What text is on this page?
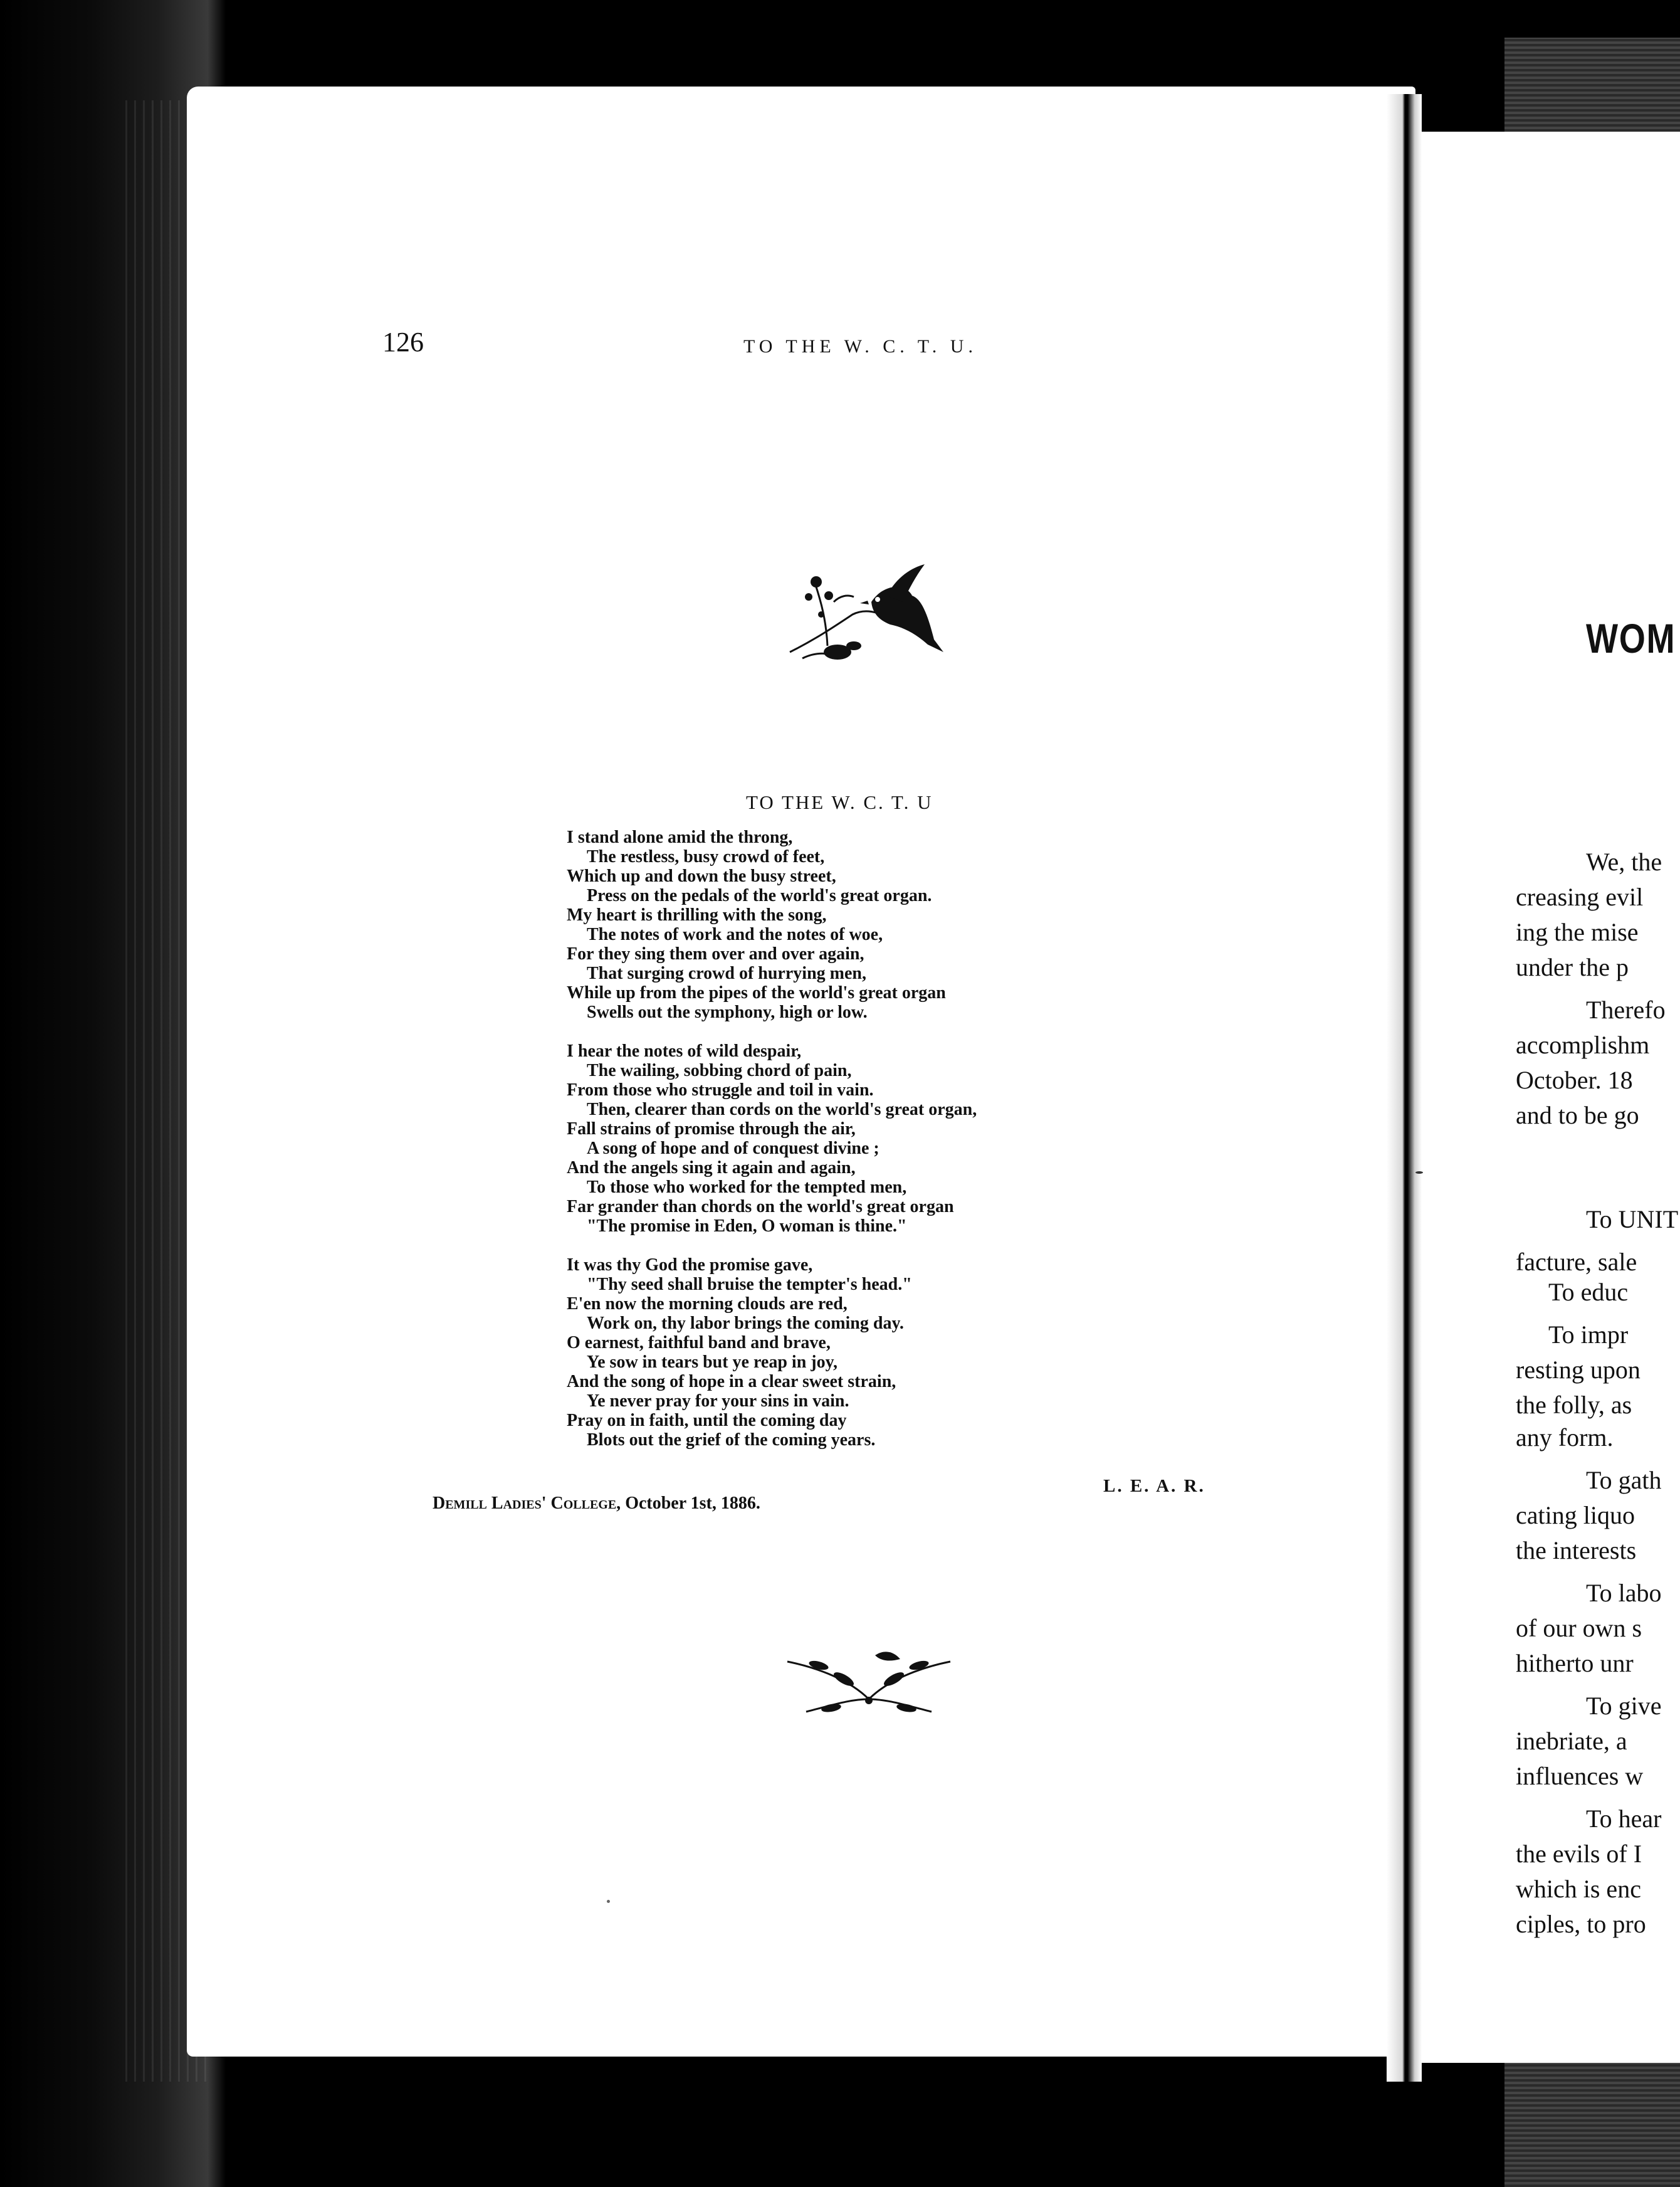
126	TO THE W. C. T. U.
TO THE W. C. T. U
I stand alone amid the throng,
The restless, busy crowd of feet,
Which up and down the busy street,
Press on the pedals of the world's great organ.
My heart is thrilling with the song,
The notes of work and the notes of woe,
For they sing them over and over again,
That surging crowd of hurrying men,
While up from the pipes of the world's great organ
Swells out the symphony, high or low.
I hear the notes of wild despair,
The wailing, sobbing chord of pain,
From those who struggle and toil in vain.
Then, clearer than cords on the world's great organ,
Fall strains of promise through the air,
A song of hope and of conquest divine ;
And the angels sing it again and again,
To those who worked for the tempted men,
Far grander than chords on the world's great organ
"The promise in Eden, O woman is thine."
It was thy God the promise gave,
"Thy seed shall bruise the tempter's head."
E'en now the morning clouds are red,
Work on, thy labor brings the coming day.
O earnest, faithful band and brave,
Ye sow in tears but ye reap in joy,
And the song of hope in a clear sweet strain,
Ye never pray for your sins in vain.
Pray on in faith, until the coming day
Blots out the grief of the coming years.
L. E. A. R.
Demill Ladies' College, October 1st, 1886.
WOM
We, the
creasing evil
ing the mise
under the p
Therefo
accomplishm
October. 18
and to be go
To UNIT
facture, sale
To educ
To impr
resting upon
the folly, as
any form.
To gath
cating liquo
the interests
To labo
of our own s
hitherto unr
To give
inebriate, a
influences w
To hear
the evils of I
which is enc
ciples, to pro
